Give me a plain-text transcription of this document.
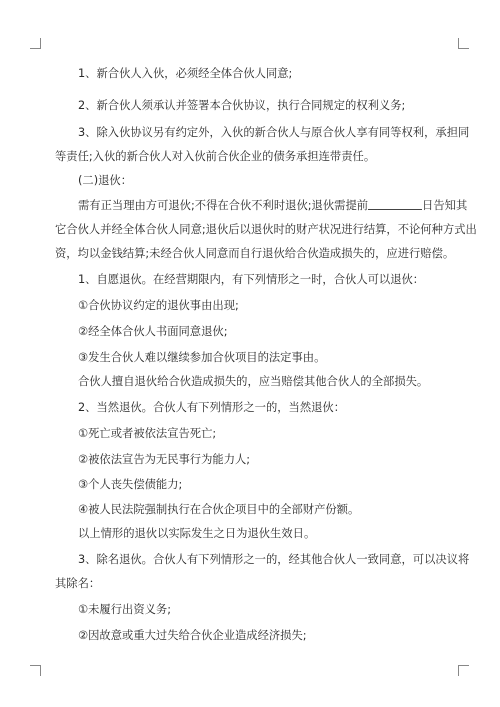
1、新合伙人入伙，必须经全体合伙人同意;
2、新合伙人须承认并签署本合伙协议，执行合同规定的权利义务;
3、除入伙协议另有约定外，入伙的新合伙人与原合伙人享有同等权利，承担同
等责任;入伙的新合伙人对入伙前合伙企业的债务承担连带责任。
(二)退伙：
需有正当理由方可退伙;不得在合伙不利时退伙;退伙需提前	日告知其
它合伙人并经全体合伙人同意;退伙后以退伙时的财产状况进行结算，不论何种方式出
资，均以金钱结算;未经合伙人同意而自行退伙给合伙造成损失的，应进行赔偿。
1、自愿退伙。在经营期限内，有下列情形之一时，合伙人可以退伙：
①合伙协议约定的退伙事由出现;
②经全体合伙人书面同意退伙;
③发生合伙人难以继续参加合伙项目的法定事由。
合伙人擅自退伙给合伙造成损失的，应当赔偿其他合伙人的全部损失。
2、当然退伙。合伙人有下列情形之一的，当然退伙：
①死亡或者被依法宣告死亡;
②被依法宣告为无民事行为能力人;
③个人丧失偿债能力;
④被人民法院强制执行在合伙企项目中的全部财产份额。
以上情形的退伙以实际发生之日为退伙生效日。
3、除名退伙。合伙人有下列情形之一的，经其他合伙人一致同意，可以决议将
其除名：
①未履行出资义务;
②因故意或重大过失给合伙企业造成经济损失;
